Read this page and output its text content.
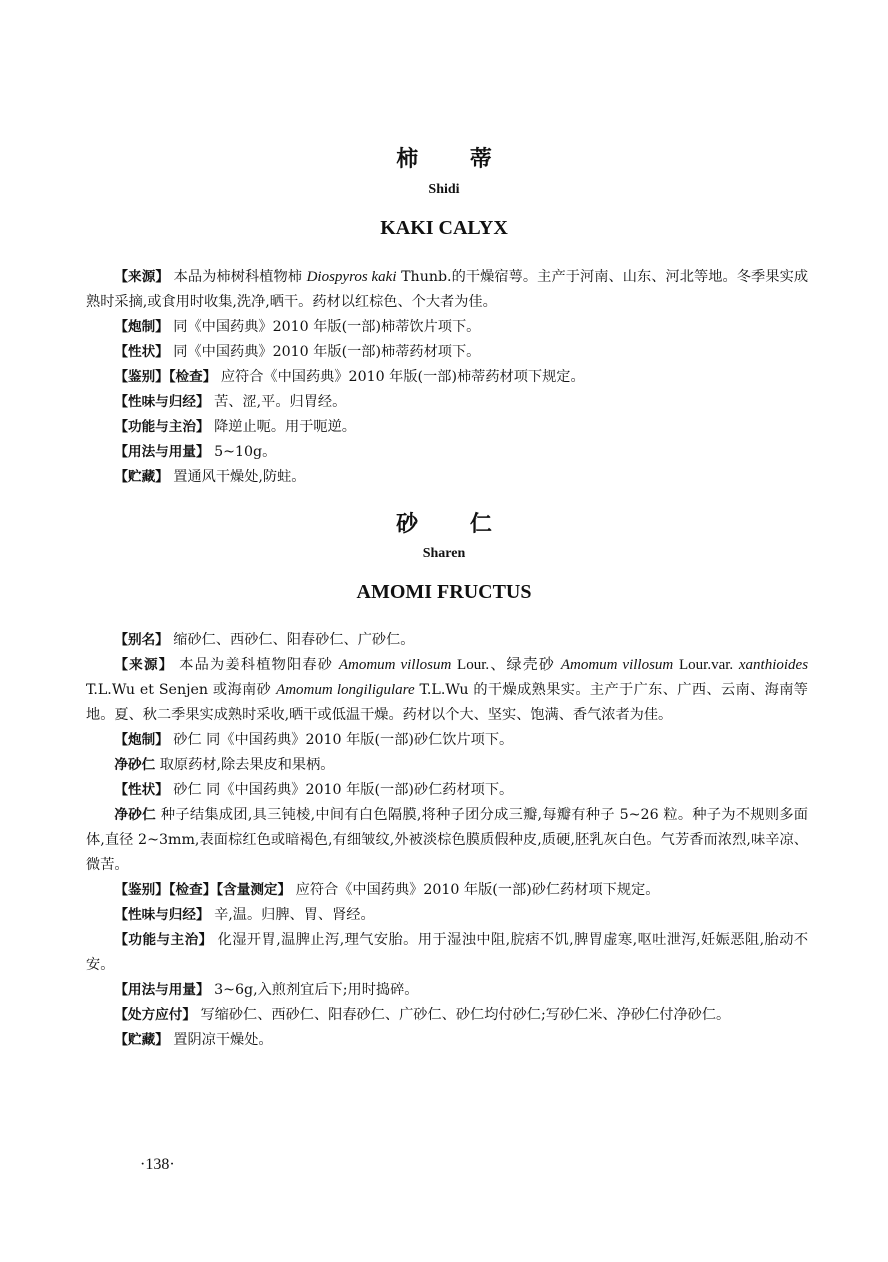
柿 蒂
Shidi
KAKI CALYX

【来源】 本品为柿树科植物柿 Diospyros kaki Thunb.的干燥宿萼。主产于河南、山东、河北等地。冬季果实成熟时采摘,或食用时收集,洗净,晒干。药材以红棕色、个大者为佳。

【炮制】 同《中国药典》2010 年版(一部)柿蒂饮片项下。

【性状】 同《中国药典》2010 年版(一部)柿蒂药材项下。

【鉴别】【检查】 应符合《中国药典》2010 年版(一部)柿蒂药材项下规定。

【性味与归经】 苦、涩,平。归胃经。

【功能与主治】 降逆止呃。用于呃逆。

【用法与用量】 5~10g。

【贮藏】 置通风干燥处,防蛀。

砂 仁
Sharen
AMOMI FRUCTUS

【别名】 缩砂仁、西砂仁、阳春砂仁、广砂仁。

【来源】 本品为姜科植物阳春砂 Amomum villosum Lour.、绿壳砂 Amomum villosum Lour.var. xanthioides T.L.Wu et Senjen 或海南砂 Amomum longiligulare T.L.Wu 的干燥成熟果实。主产于广东、广西、云南、海南等地。夏、秋二季果实成熟时采收,晒干或低温干燥。药材以个大、坚实、饱满、香气浓者为佳。

【炮制】 砂仁 同《中国药典》2010 年版(一部)砂仁饮片项下。

净砂仁 取原药材,除去果皮和果柄。

【性状】 砂仁 同《中国药典》2010 年版(一部)砂仁药材项下。

净砂仁 种子结集成团,具三钝棱,中间有白色隔膜,将种子团分成三瓣,每瓣有种子 5~26 粒。种子为不规则多面体,直径 2~3mm,表面棕红色或暗褐色,有细皱纹,外被淡棕色膜质假种皮,质硬,胚乳灰白色。气芳香而浓烈,味辛凉、微苦。

【鉴别】【检查】【含量测定】 应符合《中国药典》2010 年版(一部)砂仁药材项下规定。

【性味与归经】 辛,温。归脾、胃、肾经。

【功能与主治】 化湿开胃,温脾止泻,理气安胎。用于湿浊中阻,脘痞不饥,脾胃虚寒,呕吐泄泻,妊娠恶阻,胎动不安。

【用法与用量】 3~6g,入煎剂宜后下;用时捣碎。

【处方应付】 写缩砂仁、西砂仁、阳春砂仁、广砂仁、砂仁均付砂仁;写砂仁米、净砂仁付净砂仁。

【贮藏】 置阴凉干燥处。

·138·
